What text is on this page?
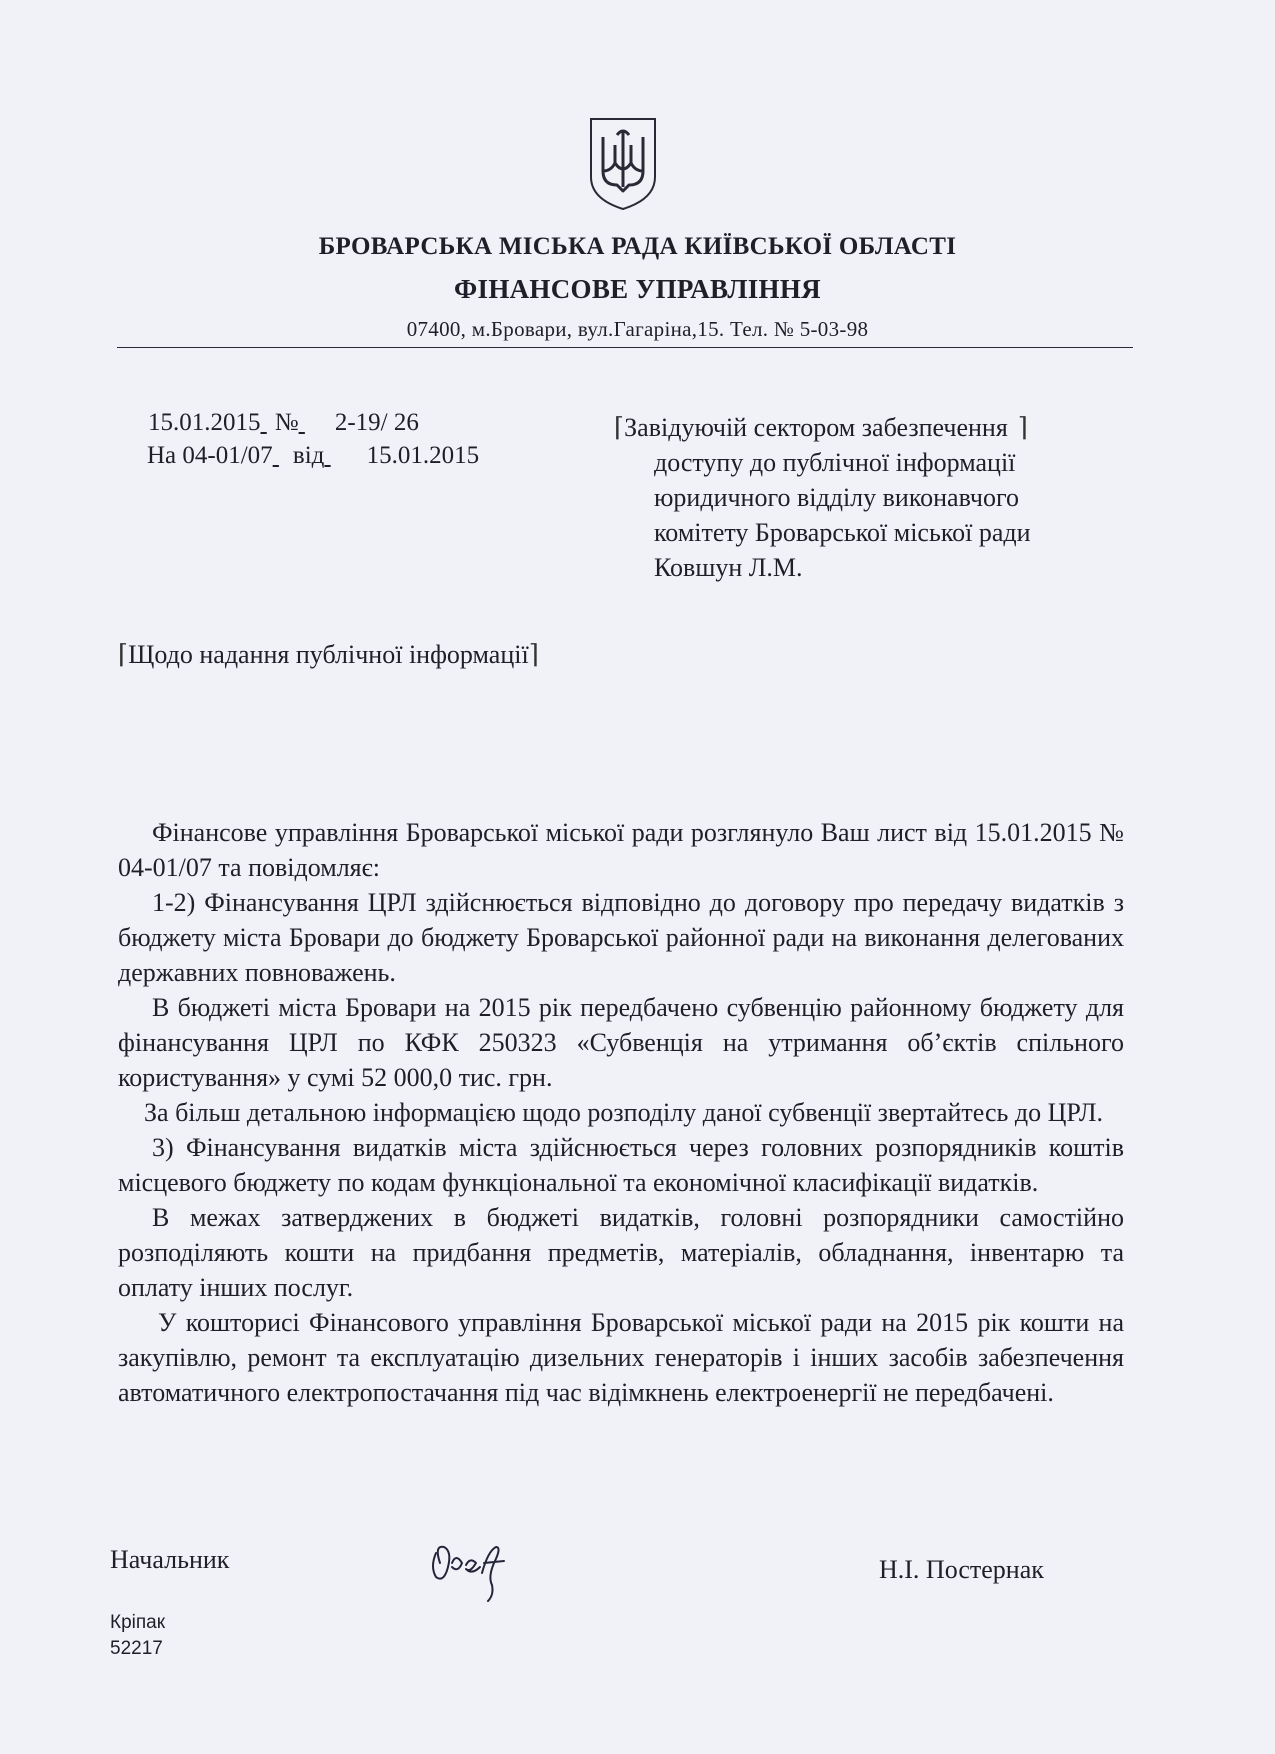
БРОВАРСЬКА МІСЬКА РАДА КИЇВСЬКОЇ ОБЛАСТІ
ФІНАНСОВЕ УПРАВЛІННЯ
07400, м.Бровари, вул.Гагаріна,15. Тел. № 5-03-98
15.01.2015 № 2-19/ 26
На 04-01/07 від 15.01.2015
⌈Завідуючій сектором забезпечення ⌉
доступу до публічної інформації
юридичного відділу виконавчого
комітету Броварської міської ради
Ковшун Л.М.
⌈Щодо надання публічної інформації⌉

Фінансове управління Броварської міської ради розглянуло Ваш лист від 15.01.2015 № 04-01/07 та повідомляє:

1-2) Фінансування ЦРЛ здійснюється відповідно до договору про передачу видатків з бюджету міста Бровари до бюджету Броварської районної ради на виконання делегованих державних повноважень.

В бюджеті міста Бровари на 2015 рік передбачено субвенцію районному бюджету для фінансування ЦРЛ по КФК 250323 «Субвенція на утримання об’єктів спільного користування» у сумі 52 000,0 тис. грн.

За більш детальною інформацією щодо розподілу даної субвенції звертайтесь до ЦРЛ.

3) Фінансування видатків міста здійснюється через головних розпорядників коштів місцевого бюджету по кодам функціональної та економічної класифікації видатків.

В межах затверджених в бюджеті видатків, головні розпорядники самостійно розподіляють кошти на придбання предметів, матеріалів, обладнання, інвентарю та оплату інших послуг.

У кошторисі Фінансового управління Броварської міської ради на 2015 рік кошти на закупівлю, ремонт та експлуатацію дизельних генераторів і інших засобів забезпечення автоматичного електропостачання під час відімкнень електроенергії не передбачені.

Начальник	Н.І. Постернак
Кріпак
52217
